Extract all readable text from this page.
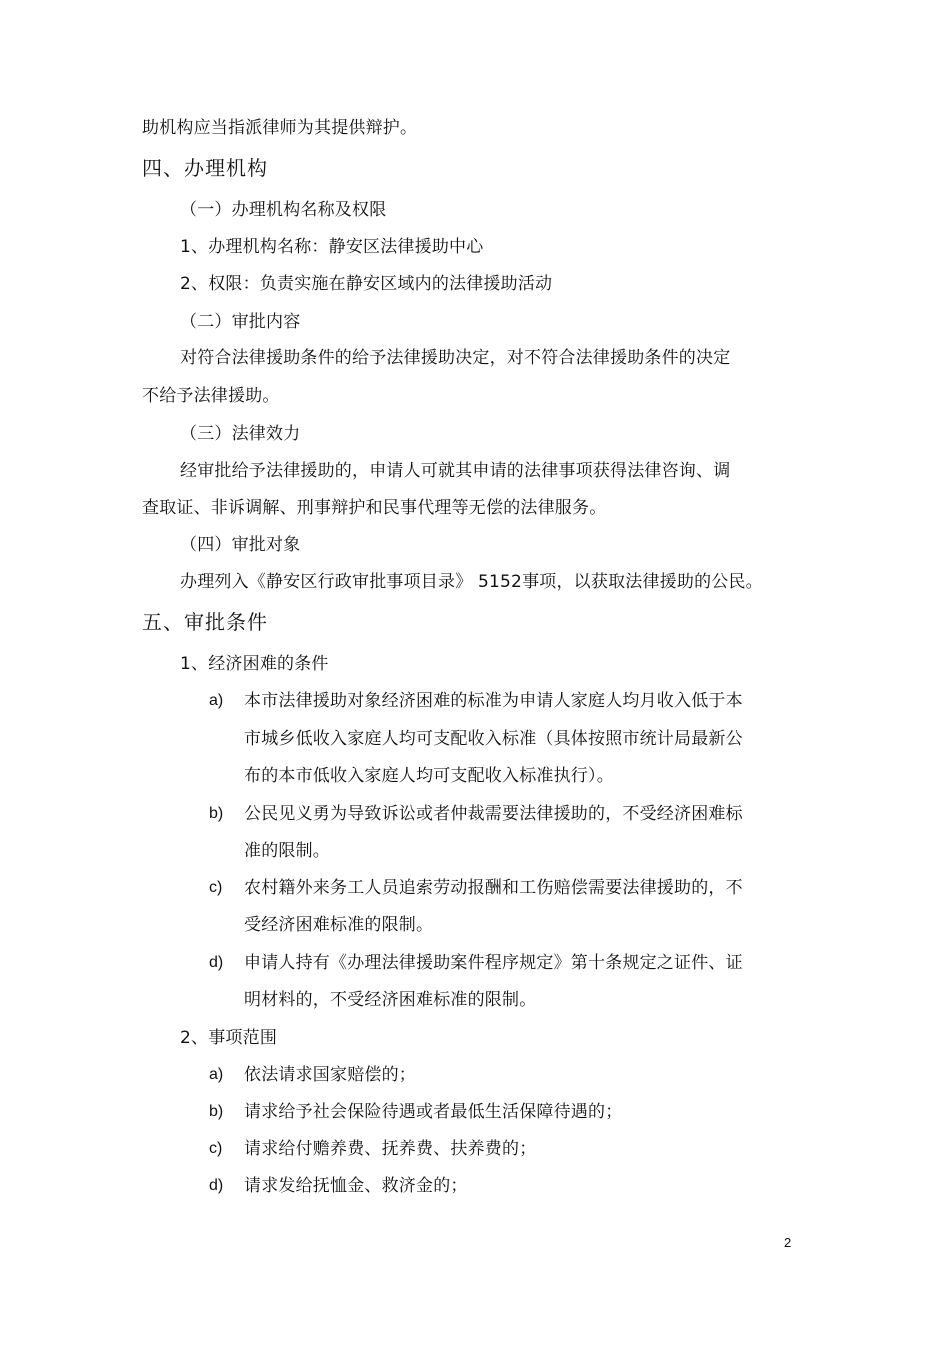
助机构应当指派律师为其提供辩护。
四、办理机构
（一）办理机构名称及权限
1、办理机构名称：静安区法律援助中心
2、权限：负责实施在静安区域内的法律援助活动
（二）审批内容
对符合法律援助条件的给予法律援助决定，对不符合法律援助条件的决定
不给予法律援助。
（三）法律效力
经审批给予法律援助的，申请人可就其申请的法律事项获得法律咨询、调
查取证、非诉调解、刑事辩护和民事代理等无偿的法律服务。
（四）审批对象
办理列入《静安区行政审批事项目录》 5152事项，以获取法律援助的公民。
五、审批条件
1、经济困难的条件
a) 本市法律援助对象经济困难的标准为申请人家庭人均月收入低于本
市城乡低收入家庭人均可支配收入标准（具体按照市统计局最新公
布的本市低收入家庭人均可支配收入标准执行）。
b) 公民见义勇为导致诉讼或者仲裁需要法律援助的，不受经济困难标
准的限制。
c) 农村籍外来务工人员追索劳动报酬和工伤赔偿需要法律援助的，不
受经济困难标准的限制。
d) 申请人持有《办理法律援助案件程序规定》第十条规定之证件、证
明材料的，不受经济困难标准的限制。
2、事项范围
a) 依法请求国家赔偿的；
b) 请求给予社会保险待遇或者最低生活保障待遇的；
c) 请求给付赡养费、抚养费、扶养费的；
d) 请求发给抚恤金、救济金的；
2
